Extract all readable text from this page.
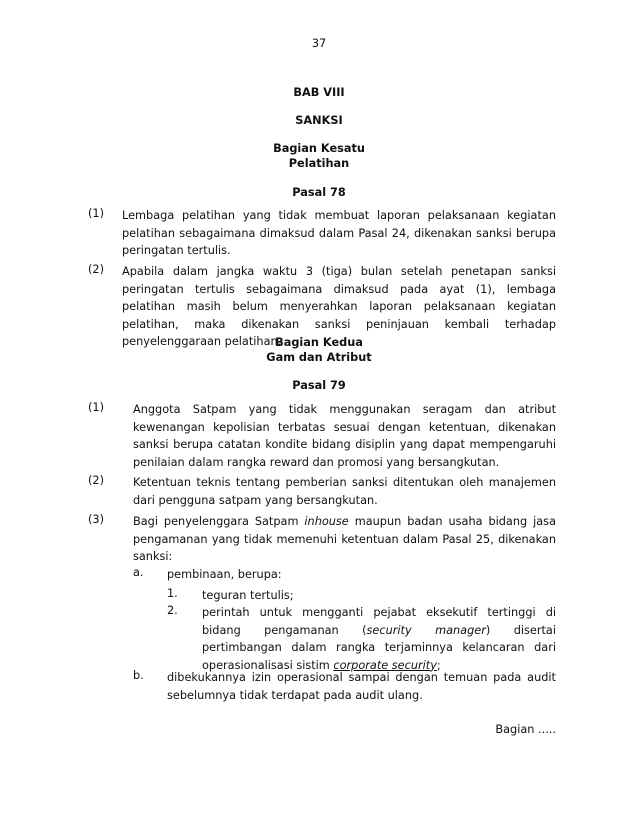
37
BAB VIII
SANKSI
Bagian Kesatu
Pelatihan
Pasal 78
(1) Lembaga pelatihan yang tidak membuat laporan pelaksanaan kegiatan pelatihan sebagaimana dimaksud dalam Pasal 24, dikenakan sanksi berupa peringatan tertulis.
(2) Apabila dalam jangka waktu 3 (tiga) bulan setelah penetapan sanksi peringatan tertulis sebagaimana dimaksud pada ayat (1), lembaga pelatihan masih belum menyerahkan laporan pelaksanaan kegiatan pelatihan, maka dikenakan sanksi peninjauan kembali terhadap penyelenggaraan pelatihan.
Bagian Kedua
Gam dan Atribut
Pasal 79
(1)	Anggota Satpam yang tidak menggunakan seragam dan atribut kewenangan kepolisian terbatas sesuai dengan ketentuan, dikenakan sanksi berupa catatan kondite bidang disiplin yang dapat mempengaruhi penilaian dalam rangka reward dan promosi yang bersangkutan.
(2)	Ketentuan teknis tentang pemberian sanksi ditentukan oleh manajemen dari pengguna satpam yang bersangkutan.
(3)	Bagi penyelenggara Satpam inhouse maupun badan usaha bidang jasa pengamanan yang tidak memenuhi ketentuan dalam Pasal 25, dikenakan sanksi:
a. pembinaan, berupa:
1. teguran tertulis;
2. perintah untuk mengganti pejabat eksekutif tertinggi di bidang pengamanan (security manager) disertai pertimbangan dalam rangka terjaminnya kelancaran dari operasionalisasi sistim corporate security;
b. dibekukannya izin operasional sampai dengan temuan pada audit sebelumnya tidak terdapat pada audit ulang.
Bagian .....
